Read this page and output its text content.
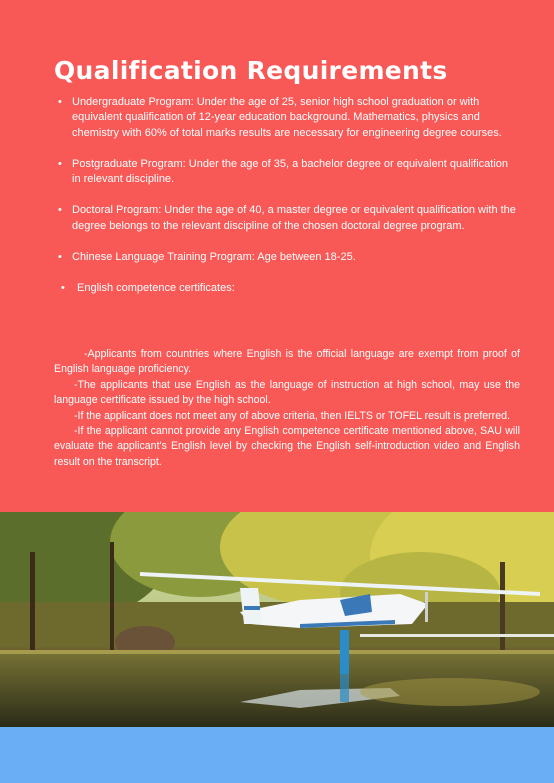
Qualification Requirements
• Undergraduate Program: Under the age of 25, senior high school graduation or with equivalent qualification of 12-year education background. Mathematics, physics and chemistry with 60% of total marks results are necessary for engineering degree courses.
• Postgraduate Program: Under the age of 35, a bachelor degree or equivalent qualification in relevant discipline.
• Doctoral Program: Under the age of 40, a master degree or equivalent qualification with the degree belongs to the relevant discipline of the chosen doctoral degree program.
• Chinese Language Training Program: Age between 18-25.
• English competence certificates:

-Applicants from countries where English is the official language are exempt from proof of English language proficiency.

-The applicants that use English as the language of instruction at high school, may use the language certificate issued by the high school.

-If the applicant does not meet any of above criteria, then IELTS or TOFEL result is preferred.

-If the applicant cannot provide any English competence certificate mentioned above, SAU will evaluate the applicant's English level by checking the English self-introduction video and English result on the transcript.
